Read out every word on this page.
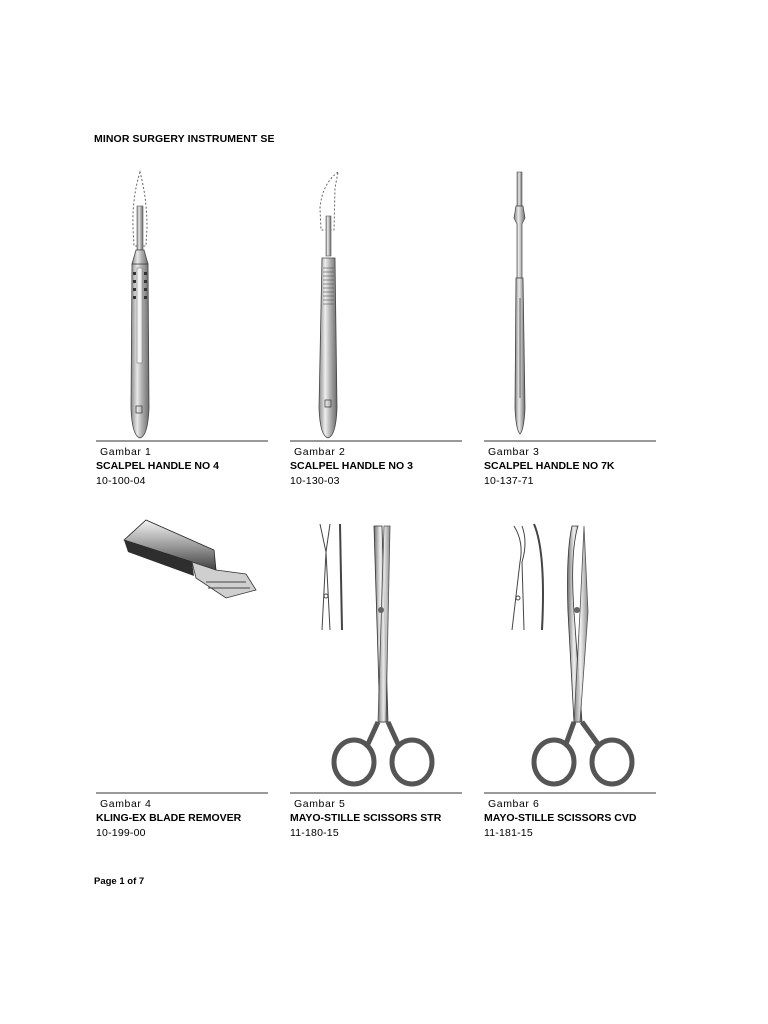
MINOR SURGERY INSTRUMENT SE
Gambar 1
SCALPEL HANDLE NO 4
10-100-04
Gambar 2
SCALPEL HANDLE NO 3
10-130-03
Gambar 3
SCALPEL HANDLE NO 7K
10-137-71
Gambar 4
KLING-EX BLADE REMOVER
10-199-00
Gambar 5
MAYO-STILLE SCISSORS STR
11-180-15
Gambar 6
MAYO-STILLE SCISSORS CVD
11-181-15
Page 1 of 7
